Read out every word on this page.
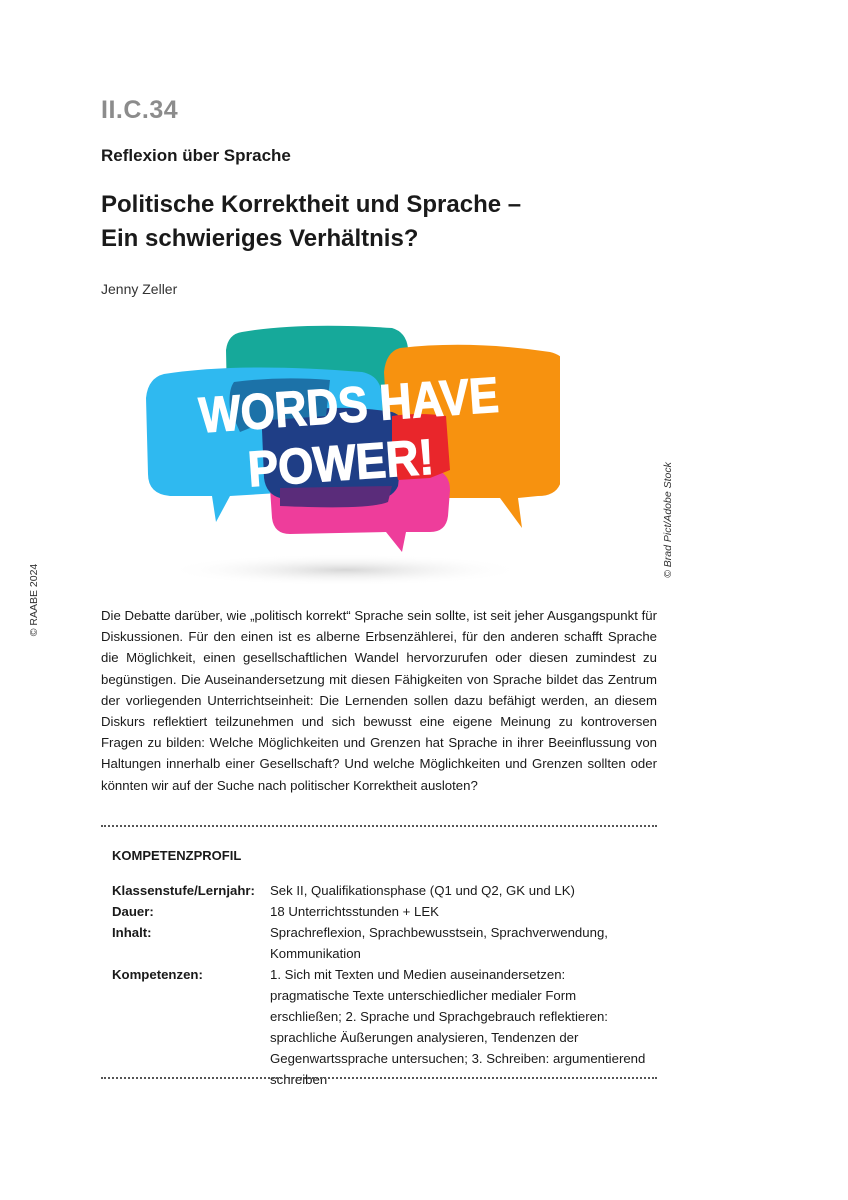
II.C.34
Reflexion über Sprache
Politische Korrektheit und Sprache –
Ein schwieriges Verhältnis?
Jenny Zeller
© RAABE 2024
© Brad Pict/Adobe Stock
WORDS HAVE
POWER!
Die Debatte darüber, wie „politisch korrekt“ Sprache sein sollte, ist seit jeher Ausgangspunkt für Diskussionen. Für den einen ist es alberne Erbsenzählerei, für den anderen schafft Sprache die Möglichkeit, einen gesellschaftlichen Wandel hervorzurufen oder diesen zumindest zu begünstigen. Die Auseinandersetzung mit diesen Fähigkeiten von Sprache bildet das Zentrum der vorliegenden Unterrichtseinheit: Die Lernenden sollen dazu befähigt werden, an diesem Diskurs reflektiert teilzunehmen und sich bewusst eine eigene Meinung zu kontroversen Fragen zu bilden: Welche Möglichkeiten und Grenzen hat Sprache in ihrer Beeinflussung von Haltungen innerhalb einer Gesellschaft? Und welche Möglichkeiten und Grenzen sollten oder könnten wir auf der Suche nach politischer Korrektheit ausloten?
KOMPETENZPROFIL
Klassenstufe/Lernjahr:	Sek II, Qualifikationsphase (Q1 und Q2, GK und LK)
Dauer:	18 Unterrichtsstunden + LEK
Inhalt:	Sprachreflexion, Sprachbewusstsein, Sprachverwendung, Kommunikation
Kompetenzen:	1. Sich mit Texten und Medien auseinandersetzen: pragmatische Texte unterschiedlicher medialer Form erschließen; 2. Sprache und Sprachgebrauch reflektieren: sprachliche Äußerungen analysieren, Tendenzen der Gegenwartssprache untersuchen; 3. Schreiben: argumentierend schreiben
